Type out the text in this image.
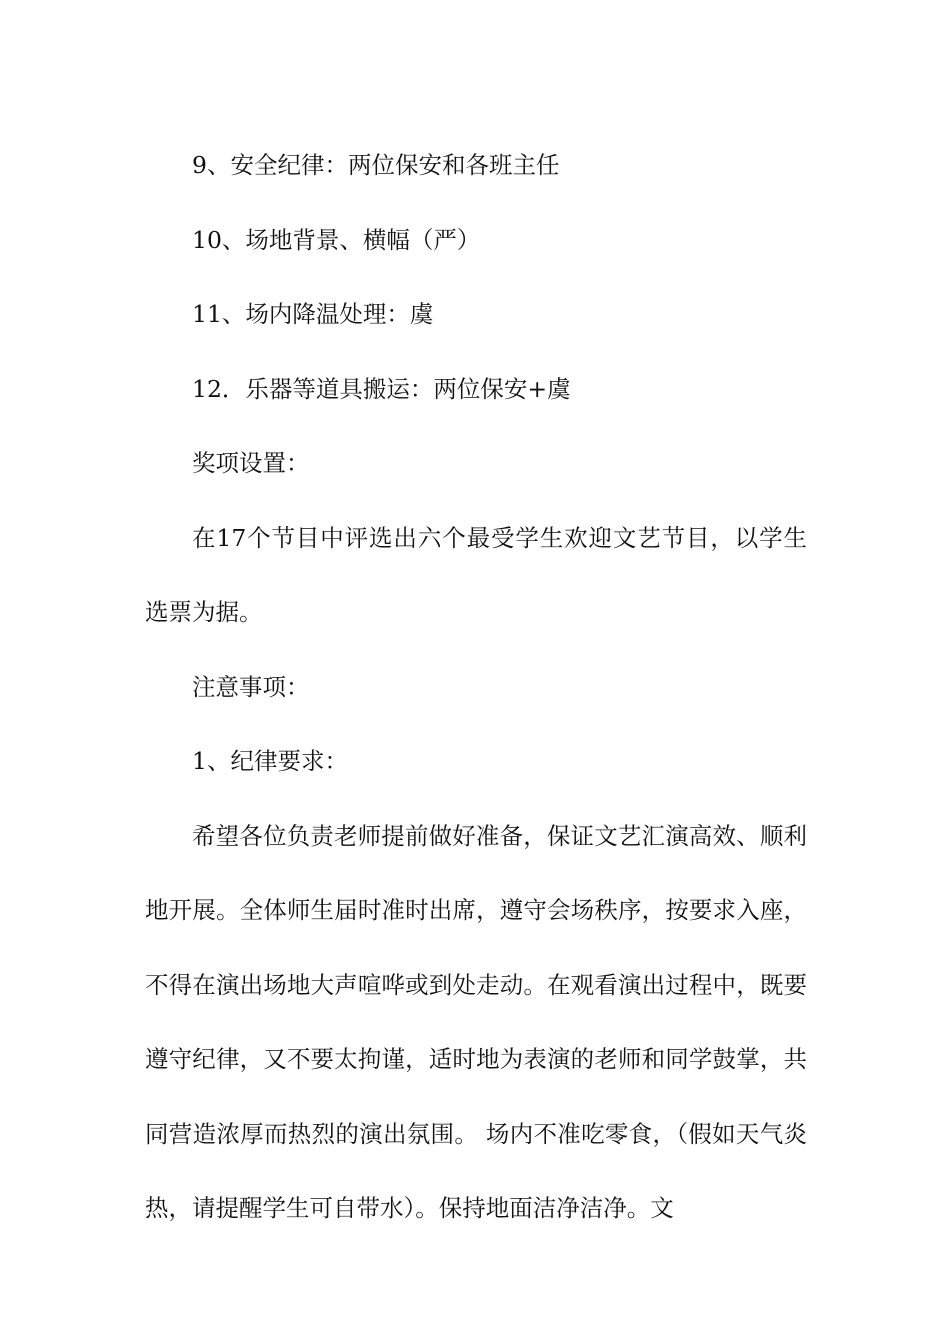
9、安全纪律：两位保安和各班主任

10、场地背景、横幅（严）

11、场内降温处理：虞

12．乐器等道具搬运：两位保安+虞

奖项设置：

在17个节目中评选出六个最受学生欢迎文艺节目，以学生选票为据。

注意事项：

1、纪律要求：

希望各位负责老师提前做好准备，保证文艺汇演高效、顺利地开展。全体师生届时准时出席，遵守会场秩序，按要求入座，不得在演出场地大声喧哗或到处走动。在观看演出过程中，既要遵守纪律，又不要太拘谨，适时地为表演的老师和同学鼓掌，共同营造浓厚而热烈的演出氛围。 场内不准吃零食，（假如天气炎热，请提醒学生可自带水）。保持地面洁净洁净。文
